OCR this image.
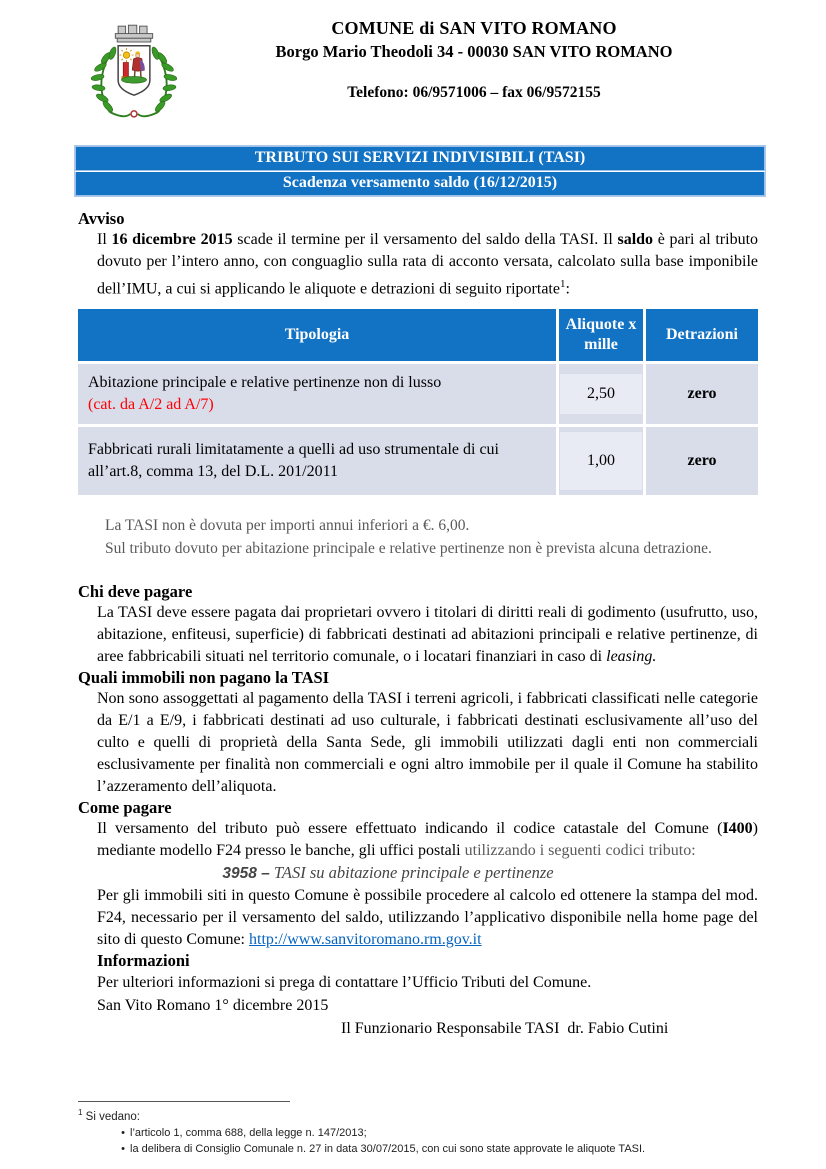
COMUNE di SAN VITO ROMANO
Borgo Mario Theodoli 34 - 00030 SAN VITO ROMANO
Telefono: 06/9571006 – fax 06/9572155
TRIBUTO SUI SERVIZI INDIVISIBILI (TASI)
Scadenza versamento saldo (16/12/2015)
Avviso

Il 16 dicembre 2015 scade il termine per il versamento del saldo della TASI. Il saldo è pari al tributo dovuto per l’intero anno, con conguaglio sulla rata di acconto versata, calcolato sulla base imponibile dell’IMU, a cui si applicando le aliquote e detrazioni di seguito riportate$^1$:

Tipologia	Aliquote x mille	Detrazioni
Abitazione principale e relative pertinenze non di lusso
(cat. da A/2 ad A/7)	2,50	zero
Fabbricati rurali limitatamente a quelli ad uso strumentale di cui all’art.8, comma 13, del D.L. 201/2011	1,00	zero
La TASI non è dovuta per importi annui inferiori a €. 6,00.
Sul tributo dovuto per abitazione principale e relative pertinenze non è prevista alcuna detrazione.
Chi deve pagare

La TASI deve essere pagata dai proprietari ovvero i titolari di diritti reali di godimento (usufrutto, uso, abitazione, enfiteusi, superficie) di fabbricati destinati ad abitazioni principali e relative pertinenze, di aree fabbricabili situati nel territorio comunale, o i locatari finanziari in caso di leasing.

Quali immobili non pagano la TASI

Non sono assoggettati al pagamento della TASI i terreni agricoli, i fabbricati classificati nelle categorie da E/1 a E/9, i fabbricati destinati ad uso culturale, i fabbricati destinati esclusivamente all’uso del culto e quelli di proprietà della Santa Sede, gli immobili utilizzati dagli enti non commerciali esclusivamente per finalità non commerciali e ogni altro immobile per il quale il Comune ha stabilito l’azzeramento dell’aliquota.

Come pagare

Il versamento del tributo può essere effettuato indicando il codice catastale del Comune (I400) mediante modello F24 presso le banche, gli uffici postali utilizzando i seguenti codici tributo:

3958 – TASI su abitazione principale e pertinenze

Per gli immobili siti in questo Comune è possibile procedere al calcolo ed ottenere la stampa del mod. F24, necessario per il versamento del saldo, utilizzando l’applicativo disponibile nella home page del sito di questo Comune: http://www.sanvitoromano.rm.gov.it

Informazioni
Per ulteriori informazioni si prega di contattare l’Ufficio Tributi del Comune.
San Vito Romano 1° dicembre 2015
Il Funzionario Responsabile TASI  dr. Fabio Cutini
$^1$ Si vedano:
• l’articolo 1, comma 688, della legge n. 147/2013;
• la delibera di Consiglio Comunale n. 27 in data 30/07/2015, con cui sono state approvate le aliquote TASI.
